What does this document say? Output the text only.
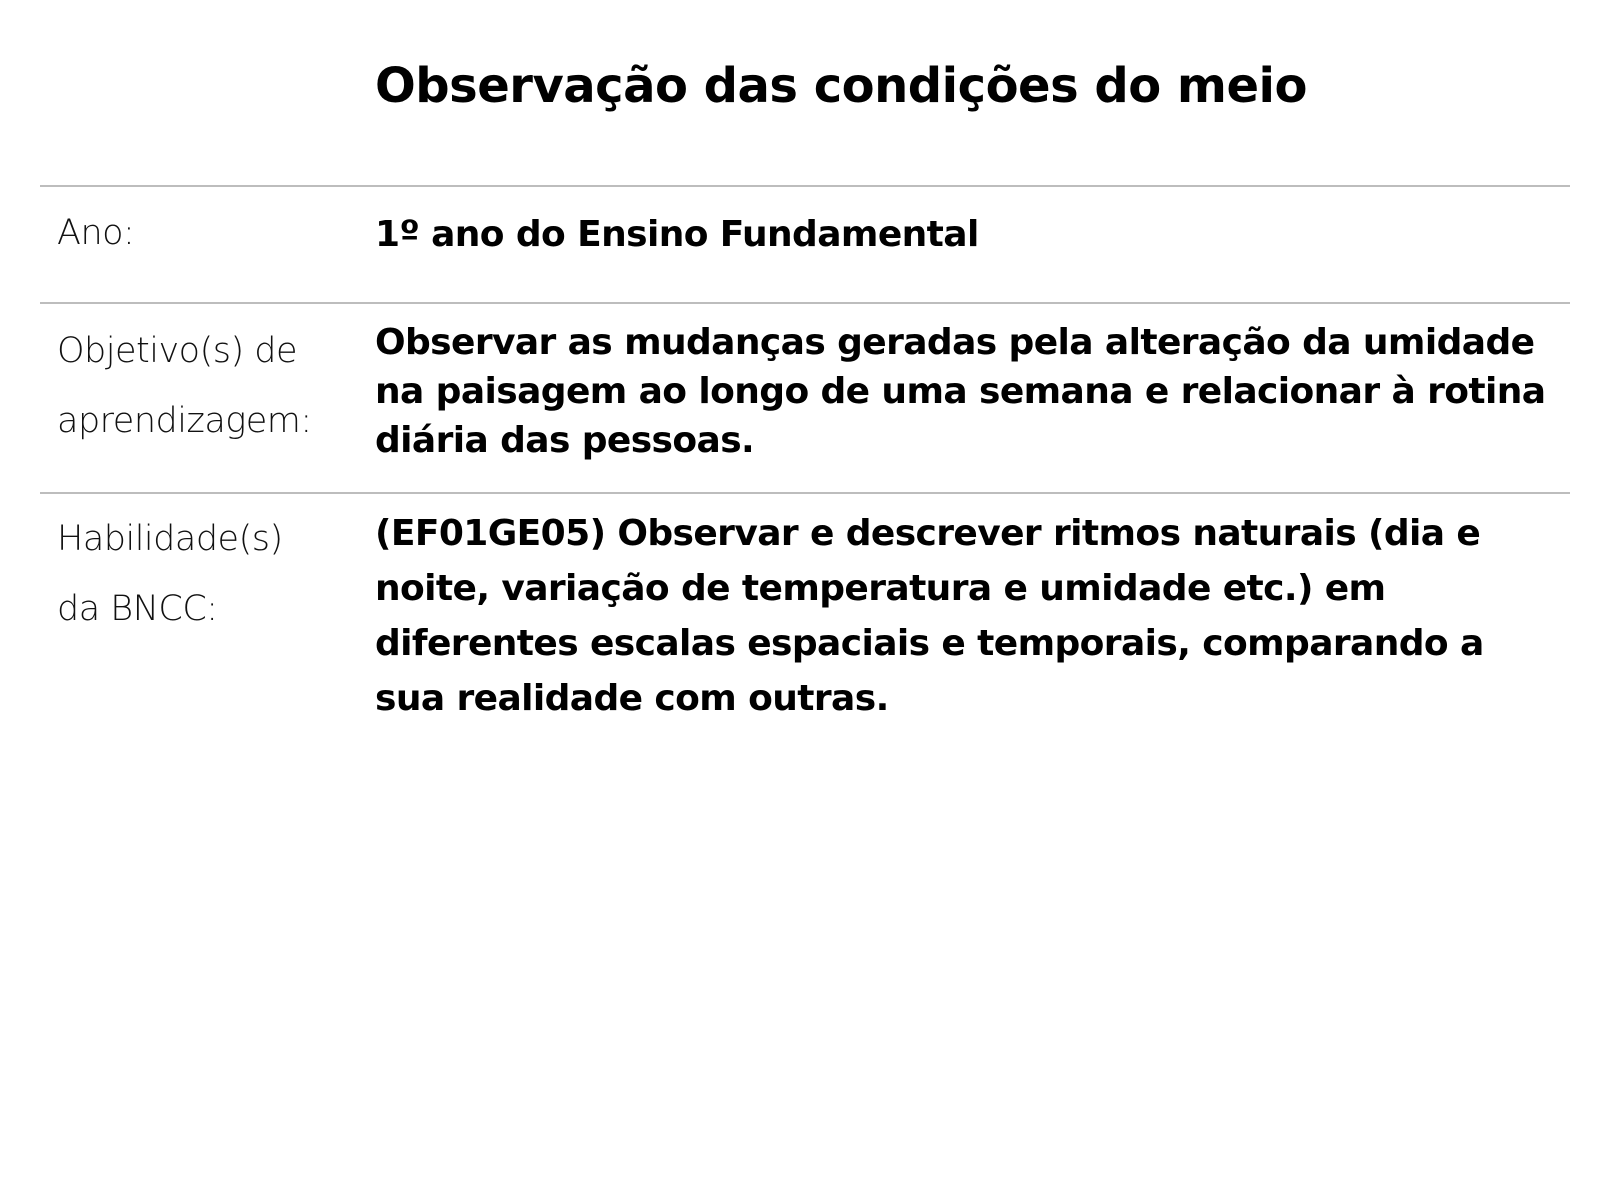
Observação das condições do meio
Ano:	1º ano do Ensino Fundamental
Objetivo(s) de
aprendizagem:
Observar as mudanças geradas pela alteração da umidade na paisagem ao longo de uma semana e relacionar à rotina diária das pessoas.
Habilidade(s)
da BNCC:
(EF01GE05) Observar e descrever ritmos naturais (dia e noite, variação de temperatura e umidade etc.) em diferentes escalas espaciais e temporais, comparando a sua realidade com outras.
